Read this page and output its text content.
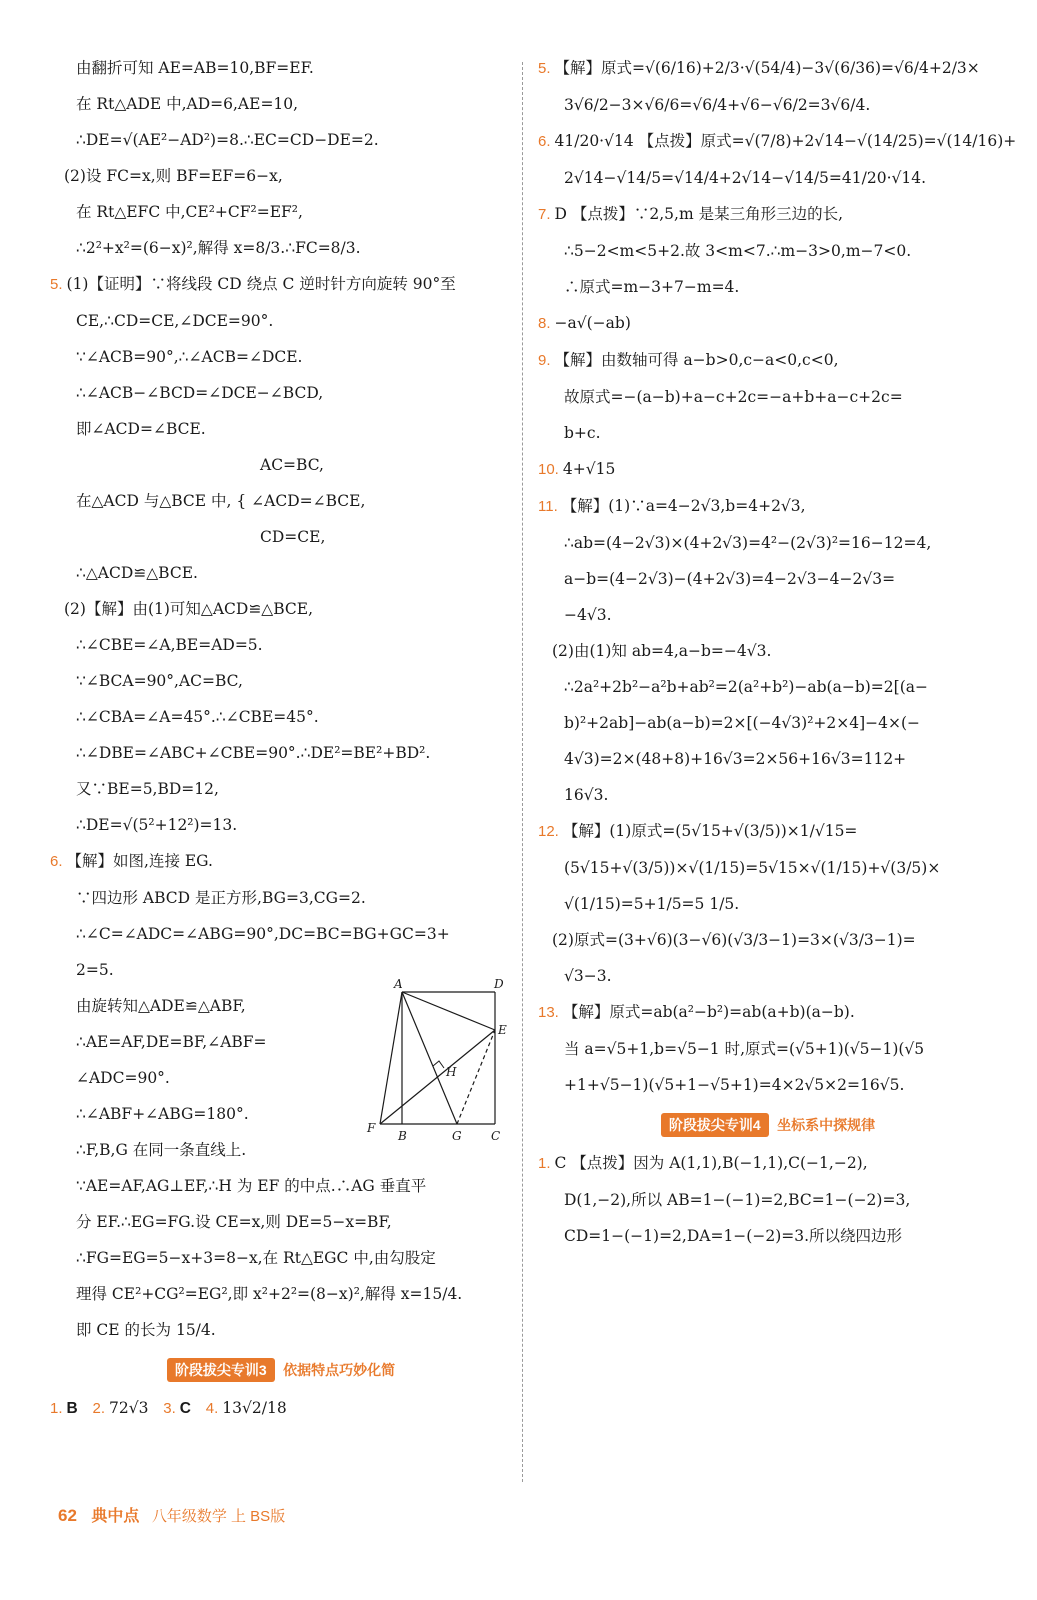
由翻折可知 AE=AB=10,BF=EF.
在 Rt△ADE 中,AD=6,AE=10,
∴DE=√(AE²−AD²)=8.∴EC=CD−DE=2.
(2)设 FC=x,则 BF=EF=6−x,
在 Rt△EFC 中,CE²+CF²=EF²,
∴2²+x²=(6−x)²,解得 x=8/3.∴FC=8/3.
5. (1)【证明】∵将线段 CD 绕点 C 逆时针方向旋转 90°至
CE,∴CD=CE,∠DCE=90°.
∵∠ACB=90°,∴∠ACB=∠DCE.
∴∠ACB−∠BCD=∠DCE−∠BCD,
即∠ACD=∠BCE.
AC=BC,
在△ACD 与△BCE 中, { ∠ACD=∠BCE,
CD=CE,
∴△ACD≌△BCE.
(2)【解】由(1)可知△ACD≌△BCE,
∴∠CBE=∠A,BE=AD=5.
∵∠BCA=90°,AC=BC,
∴∠CBA=∠A=45°.∴∠CBE=45°.
∴∠DBE=∠ABC+∠CBE=90°.∴DE²=BE²+BD².
又∵BE=5,BD=12,
∴DE=√(5²+12²)=13.
6. 【解】如图,连接 EG.
∵四边形 ABCD 是正方形,BG=3,CG=2.
∴∠C=∠ADC=∠ABG=90°,DC=BC=BG+GC=3+
2=5.
由旋转知△ADE≌△ABF,
∴AE=AF,DE=BF,∠ABF=
∠ADC=90°.
∴∠ABF+∠ABG=180°.
∴F,B,G 在同一条直线上.
∵AE=AF,AG⊥EF,∴H 为 EF 的中点.∴AG 垂直平
分 EF.∴EG=FG.设 CE=x,则 DE=5−x=BF,
∴FG=EG=5−x+3=8−x,在 Rt△EGC 中,由勾股定
理得 CE²+CG²=EG²,即 x²+2²=(8−x)²,解得 x=15/4.
即 CE 的长为 15/4.
阶段拔尖专训3 依据特点巧妙化简
1. B 2. 72√3 3. C 4. 13√2/18
A	D
E
H
F
B	G C
5. 【解】原式=√(6/16)+2/3·√(54/4)−3√(6/36)=√6/4+2/3×
3√6/2−3×√6/6=√6/4+√6−√6/2=3√6/4.
6. 41/20·√14 【点拨】原式=√(7/8)+2√14−√(14/25)=√(14/16)+
2√14−√14/5=√14/4+2√14−√14/5=41/20·√14.
7. D 【点拨】∵2,5,m 是某三角形三边的长,
∴5−2<m<5+2.故 3<m<7.∴m−3>0,m−7<0.
∴原式=m−3+7−m=4.
8. −a√(−ab)
9. 【解】由数轴可得 a−b>0,c−a<0,c<0,
故原式=−(a−b)+a−c+2c=−a+b+a−c+2c=
b+c.
10. 4+√15
11. 【解】(1)∵a=4−2√3,b=4+2√3,
∴ab=(4−2√3)×(4+2√3)=4²−(2√3)²=16−12=4,
a−b=(4−2√3)−(4+2√3)=4−2√3−4−2√3=
−4√3.
(2)由(1)知 ab=4,a−b=−4√3.
∴2a²+2b²−a²b+ab²=2(a²+b²)−ab(a−b)=2[(a−
b)²+2ab]−ab(a−b)=2×[(−4√3)²+2×4]−4×(−
4√3)=2×(48+8)+16√3=2×56+16√3=112+
16√3.
12. 【解】(1)原式=(5√15+√(3/5))×1/√15=
(5√15+√(3/5))×√(1/15)=5√15×√(1/15)+√(3/5)×
√(1/15)=5+1/5=5 1/5.
(2)原式=(3+√6)(3−√6)(√3/3−1)=3×(√3/3−1)=
√3−3.
13. 【解】原式=ab(a²−b²)=ab(a+b)(a−b).
当 a=√5+1,b=√5−1 时,原式=(√5+1)(√5−1)(√5
+1+√5−1)(√5+1−√5+1)=4×2√5×2=16√5.
阶段拔尖专训4 坐标系中探规律
1. C 【点拨】因为 A(1,1),B(−1,1),C(−1,−2),
D(1,−2),所以 AB=1−(−1)=2,BC=1−(−2)=3,
CD=1−(−1)=2,DA=1−(−2)=3.所以绕四边形
62 典中点 八年级数学 上 BS版
